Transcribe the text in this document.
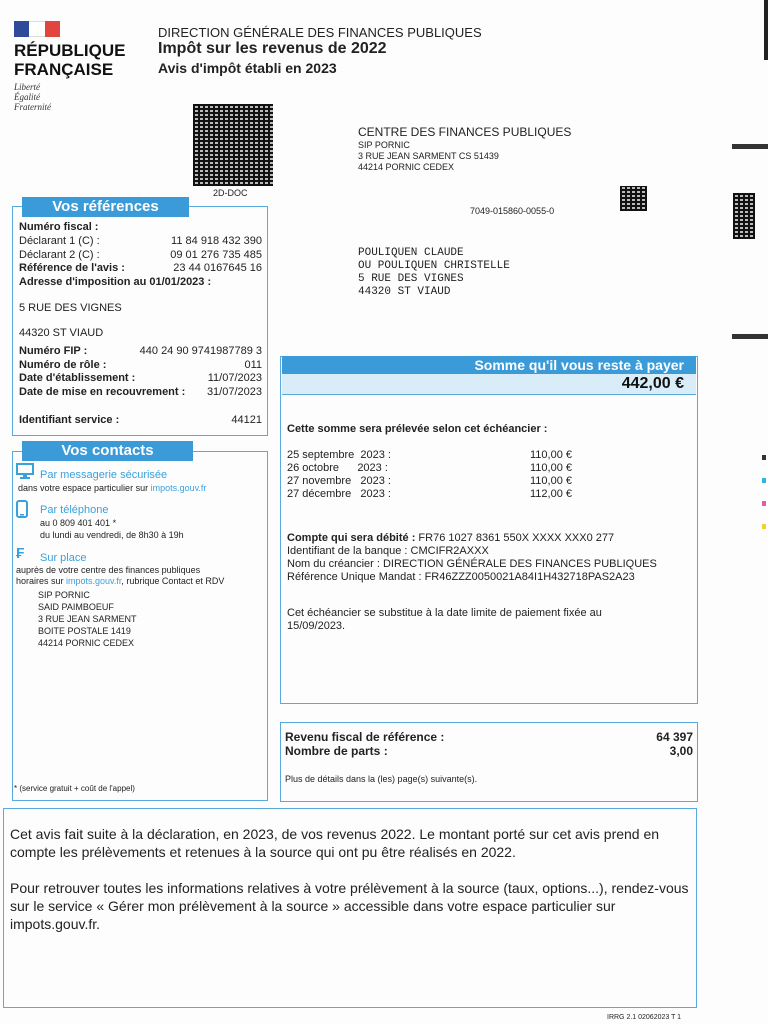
RÉPUBLIQUE
FRANÇAISE
Liberté
Égalité
Fraternité
DIRECTION GÉNÉRALE DES FINANCES PUBLIQUES
Impôt sur les revenus de 2022
Avis d'impôt établi en 2023
2D-DOC
CENTRE DES FINANCES PUBLIQUES
SIP PORNIC
3 RUE JEAN SARMENT CS 51439
44214 PORNIC CEDEX
7049-015860-0055-0
POULIQUEN CLAUDE
OU POULIQUEN CHRISTELLE
5 RUE DES VIGNES
44320 ST VIAUD
Vos références
Numéro fiscal :
Déclarant 1 (C) :	11 84 918 432 390
Déclarant 2 (C) :	09 01 276 735 485
Référence de l'avis :	23 44 0167645 16
Adresse d'imposition au 01/01/2023 :
5 RUE DES VIGNES
44320 ST VIAUD
Numéro FIP :	440 24 90 9741987789 3
Numéro de rôle :	011
Date d'établissement :	11/07/2023
Date de mise en recouvrement :	31/07/2023
Identifiant service :	44121
Vos contacts
Par messagerie sécurisée
dans votre espace particulier sur impots.gouv.fr
Par téléphone
au 0 809 401 401 *
du lundi au vendredi, de 8h30 à 19h
₣ Sur place
auprès de votre centre des finances publiques
horaires sur impots.gouv.fr, rubrique Contact et RDV
SIP PORNIC
SAID PAIMBOEUF
3 RUE JEAN SARMENT
BOITE POSTALE 1419
44214 PORNIC CEDEX
* (service gratuit + coût de l'appel)
Somme qu'il vous reste à payer
442,00 €
Cette somme sera prélevée selon cet échéancier :
25 septembre  2023 :	110,00 €
26 octobre      2023 :	110,00 €
27 novembre   2023 :	110,00 €
27 décembre   2023 :	112,00 €
Compte qui sera débité : FR76 1027 8361 550X XXXX XXX0 277
Identifiant de la banque : CMCIFR2AXXX
Nom du créancier : DIRECTION GÉNÉRALE DES FINANCES PUBLIQUES
Référence Unique Mandat : FR46ZZZ0050021A84I1H432718PAS2A23
Cet échéancier se substitue à la date limite de paiement fixée au 15/09/2023.
Revenu fiscal de référence :	64 397
Nombre de parts :	3,00
Plus de détails dans la (les) page(s) suivante(s).
Cet avis fait suite à la déclaration, en 2023, de vos revenus 2022. Le montant porté sur cet avis prend en compte les prélèvements et retenues à la source qui ont pu être réalisés en 2022.
Pour retrouver toutes les informations relatives à votre prélèvement à la source (taux, options...), rendez-vous sur le service « Gérer mon prélèvement à la source » accessible dans votre espace particulier sur impots.gouv.fr.
IRRG 2.1 02062023 T 1
